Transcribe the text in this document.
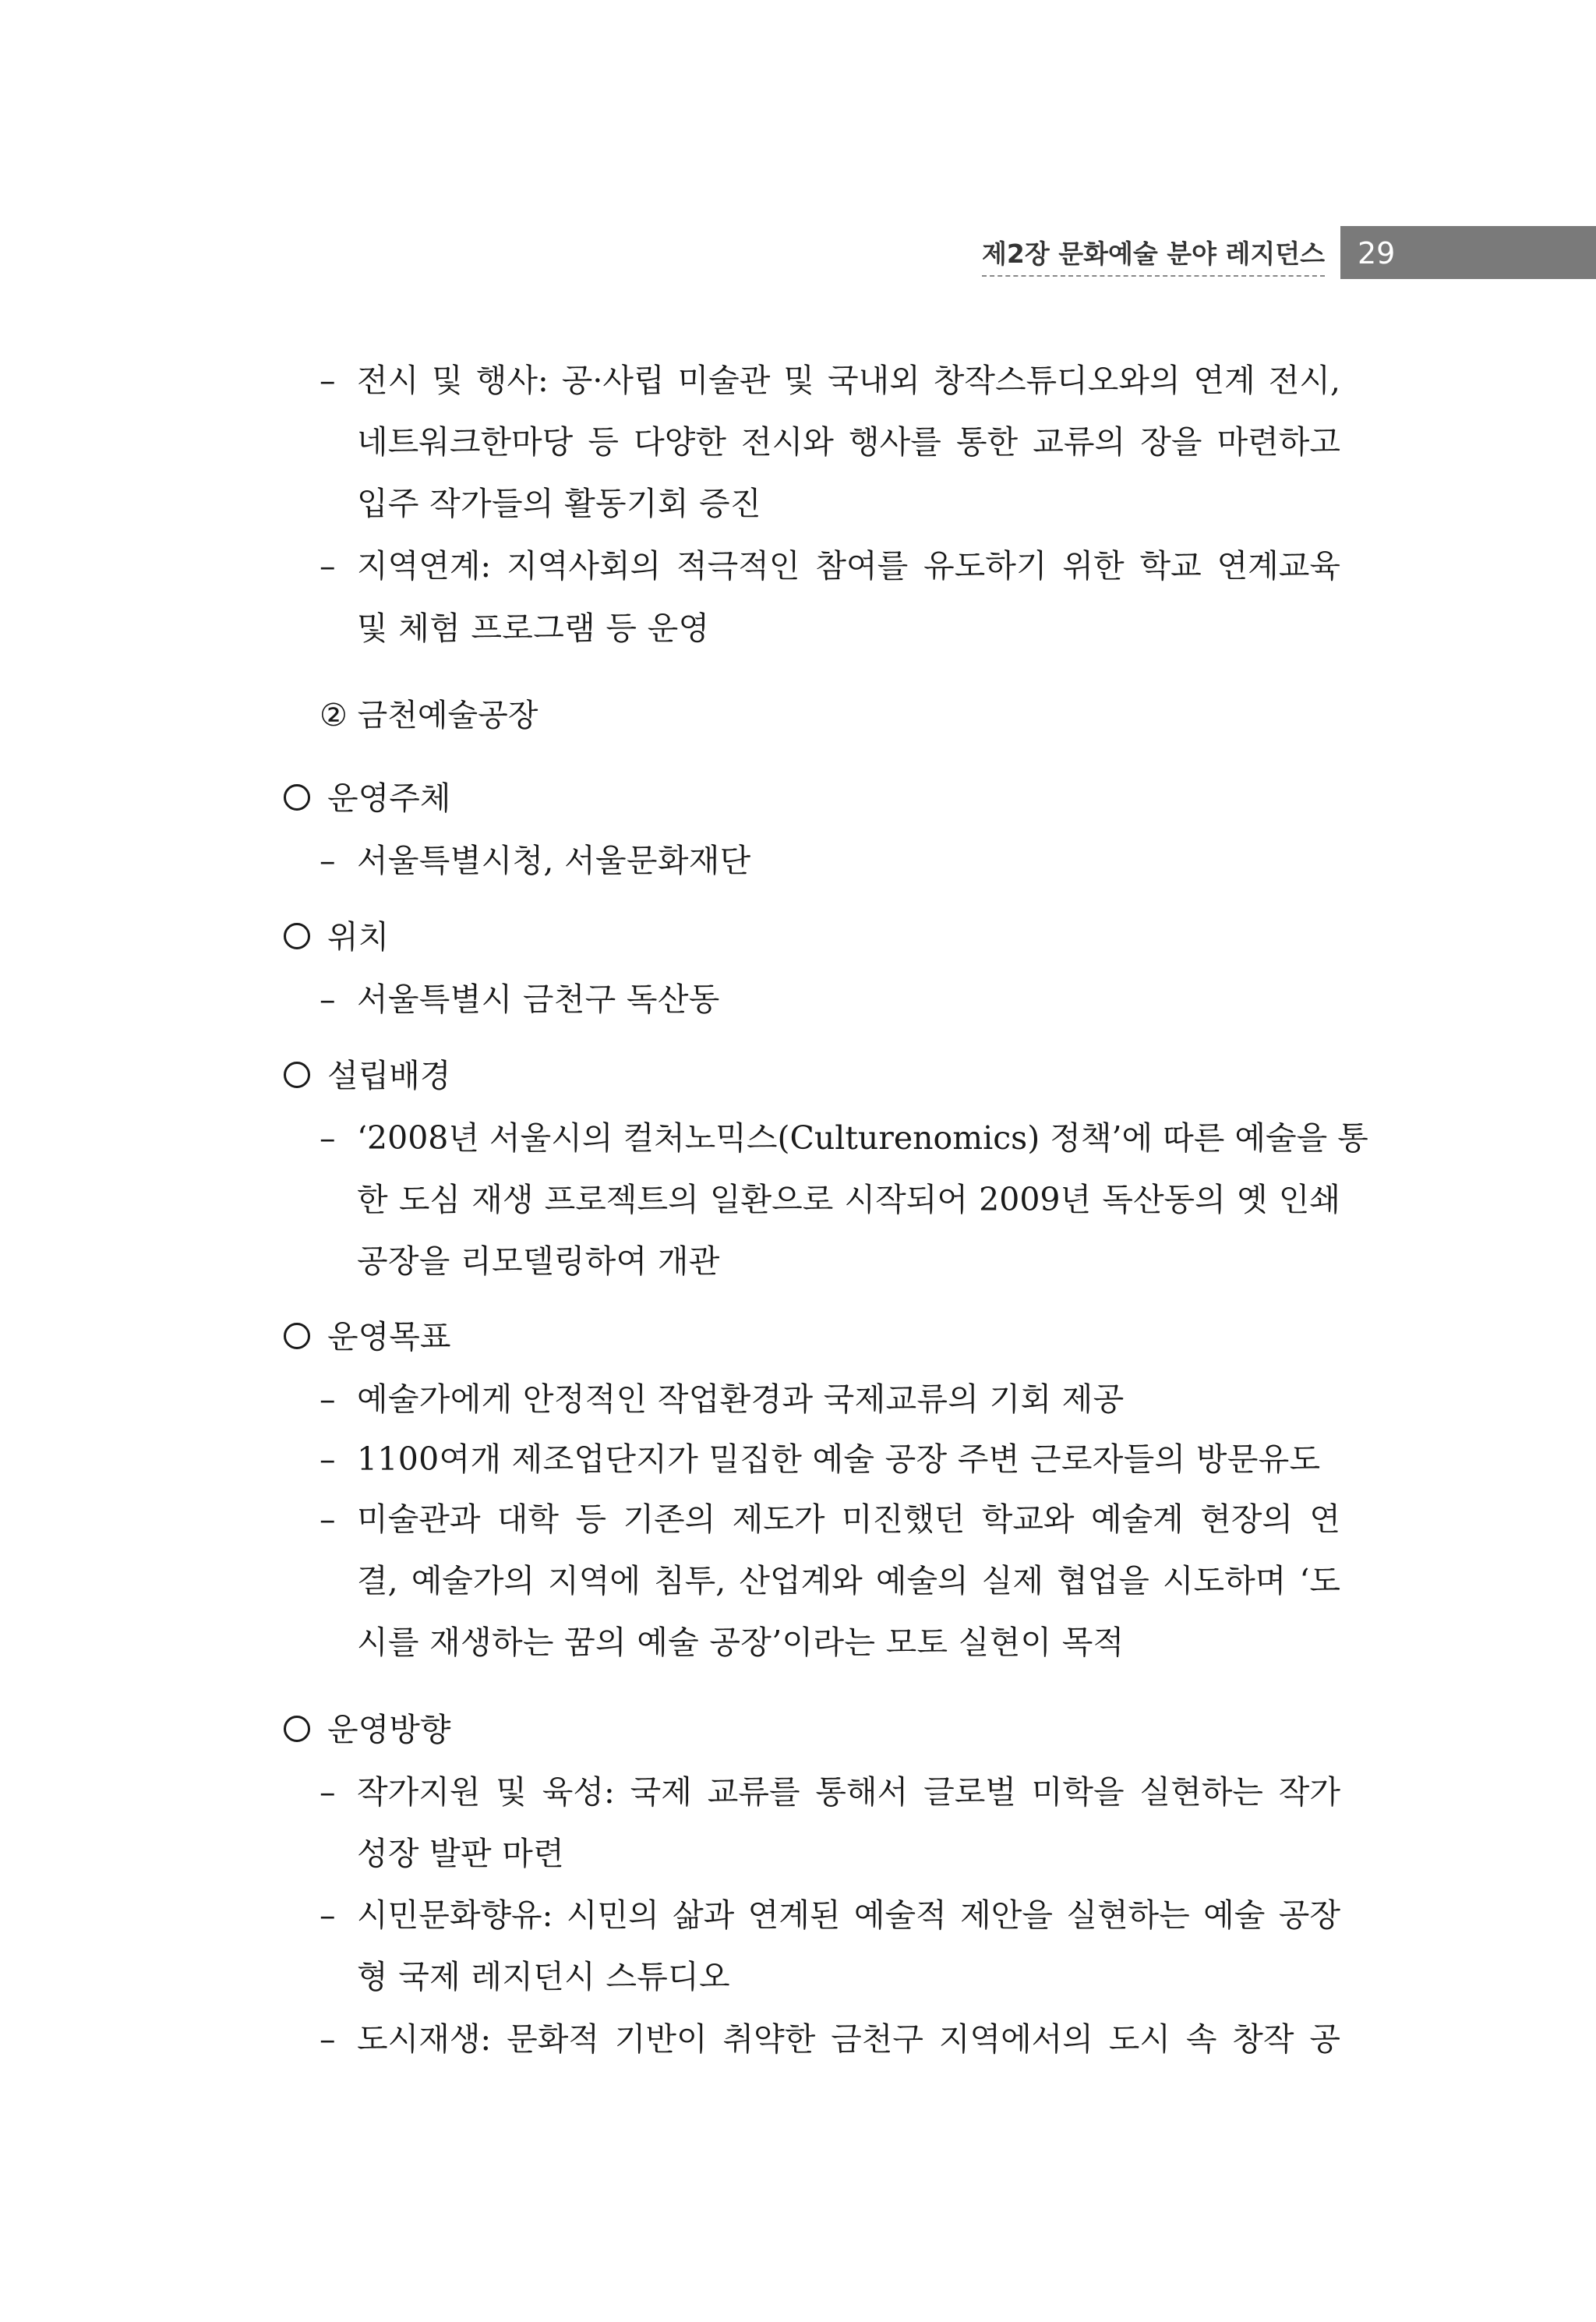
제2장 문화예술 분야 레지던스 29
– 전시 및 행사: 공·사립 미술관 및 국내외 창작스튜디오와의 연계 전시,
네트워크한마당 등 다양한 전시와 행사를 통한 교류의 장을 마련하고
입주 작가들의 활동기회 증진
– 지역연계: 지역사회의 적극적인 참여를 유도하기 위한 학교 연계교육
및 체험 프로그램 등 운영
② 금천예술공장
운영주체
– 서울특별시청, 서울문화재단
위치
– 서울특별시 금천구 독산동
설립배경
– ‘2008년 서울시의 컬처노믹스(Culturenomics) 정책’에 따른 예술을 통
한 도심 재생 프로젝트의 일환으로 시작되어 2009년 독산동의 옛 인쇄
공장을 리모델링하여 개관
운영목표
– 예술가에게 안정적인 작업환경과 국제교류의 기회 제공
– 1100여개 제조업단지가 밀집한 예술 공장 주변 근로자들의 방문유도
– 미술관과 대학 등 기존의 제도가 미진했던 학교와 예술계 현장의 연
결, 예술가의 지역에 침투, 산업계와 예술의 실제 협업을 시도하며 ‘도
시를 재생하는 꿈의 예술 공장’이라는 모토 실현이 목적
운영방향
– 작가지원 및 육성: 국제 교류를 통해서 글로벌 미학을 실현하는 작가
성장 발판 마련
– 시민문화향유: 시민의 삶과 연계된 예술적 제안을 실현하는 예술 공장
형 국제 레지던시 스튜디오
– 도시재생: 문화적 기반이 취약한 금천구 지역에서의 도시 속 창작 공
